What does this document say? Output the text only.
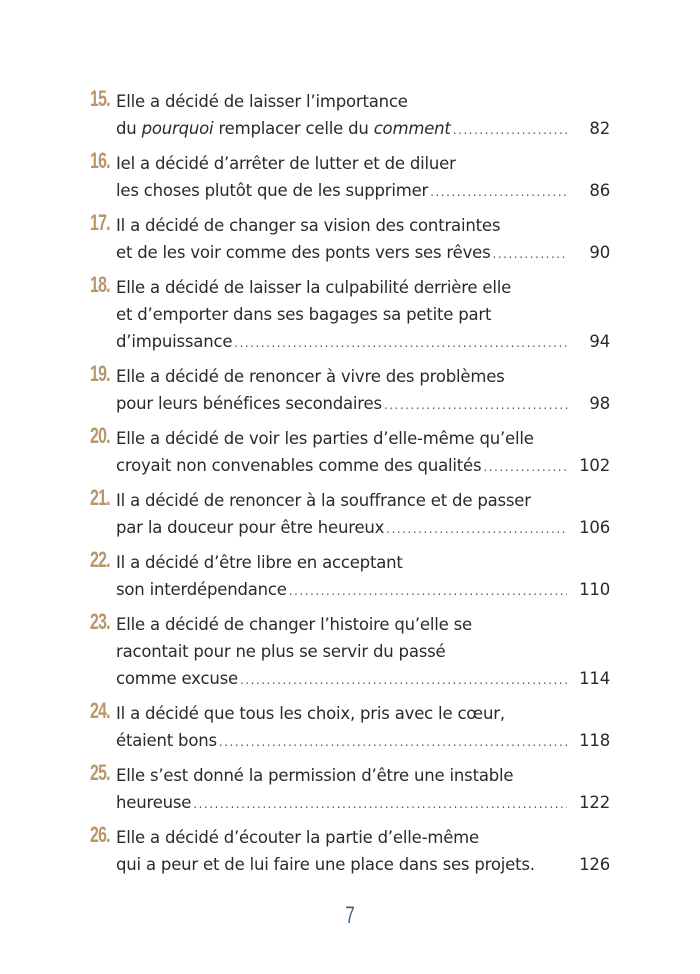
15. Elle a décidé de laisser l’importance
du pourquoi remplacer celle du comment .....	82
16. Iel a décidé d’arrêter de lutter et de diluer
les choses plutôt que de les supprimer .....	86
17. Il a décidé de changer sa vision des contraintes
et de les voir comme des ponts vers ses rêves .....	90
18. Elle a décidé de laisser la culpabilité derrière elle
et d’emporter dans ses bagages sa petite part
d’impuissance .....	94
19. Elle a décidé de renoncer à vivre des problèmes
pour leurs bénéfices secondaires .....	98
20. Elle a décidé de voir les parties d’elle-même qu’elle
croyait non convenables comme des qualités .....	102
21. Il a décidé de renoncer à la souffrance et de passer
par la douceur pour être heureux .....	106
22. Il a décidé d’être libre en acceptant
son interdépendance .....	110
23. Elle a décidé de changer l’histoire qu’elle se
racontait pour ne plus se servir du passé
comme excuse .....	114
24. Il a décidé que tous les choix, pris avec le cœur,
étaient bons .....	118
25. Elle s’est donné la permission d’être une instable
heureuse .....	122
26. Elle a décidé d’écouter la partie d’elle-même
qui a peur et de lui faire une place dans ses projets.	126
7
